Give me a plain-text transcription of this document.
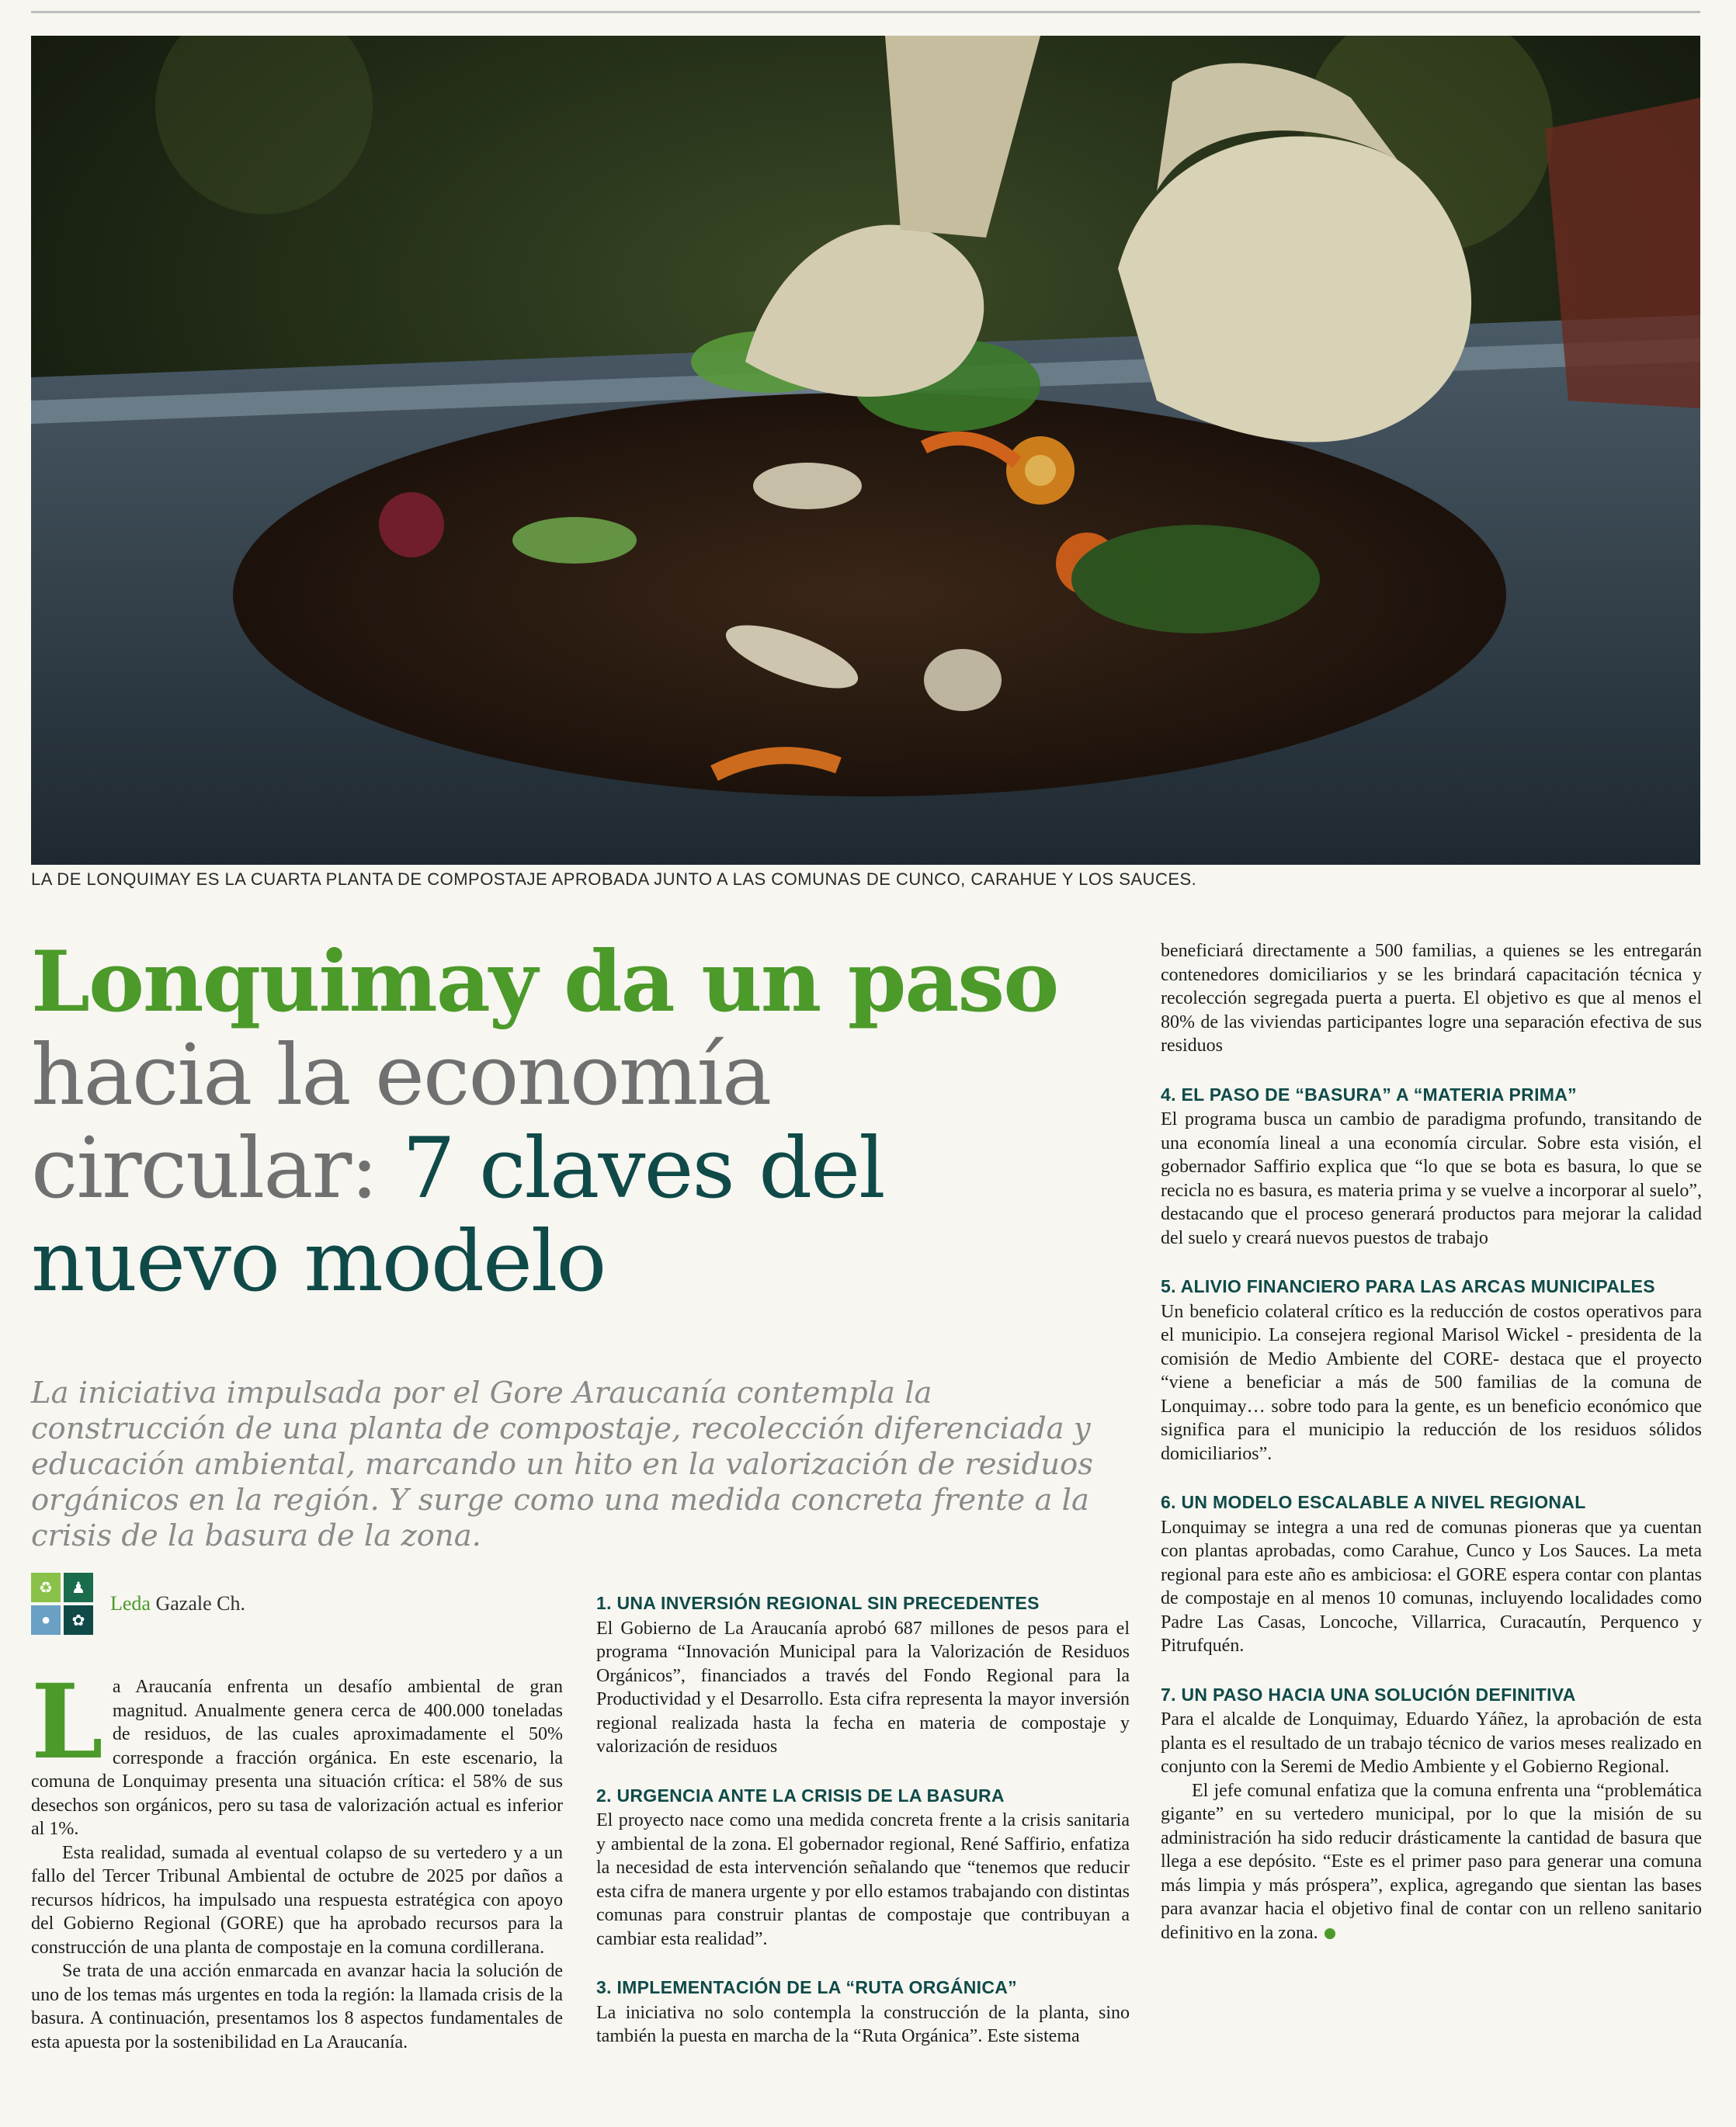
LA DE LONQUIMAY ES LA CUARTA PLANTA DE COMPOSTAJE APROBADA JUNTO A LAS COMUNAS DE CUNCO, CARAHUE Y LOS SAUCES.
Lonquimay da un paso hacia la economía circular: 7 claves del nuevo modelo

La iniciativa impulsada por el Gore Araucanía contempla la construcción de una planta de compostaje, recolección diferenciada y educación ambiental, marcando un hito en la valorización de residuos orgánicos en la región. Y surge como una medida concreta frente a la crisis de la basura de la zona.

♻	♟
●	✿
Leda Gazale Ch.

La Araucanía enfrenta un desafío ambiental de gran magnitud. Anualmente genera cerca de 400.000 toneladas de residuos, de las cuales aproximadamente el 50% corresponde a fracción orgánica. En este escenario, la comuna de Lonquimay presenta una situación crítica: el 58% de sus desechos son orgánicos, pero su tasa de valorización actual es inferior al 1%.

Esta realidad, sumada al eventual colapso de su vertedero y a un fallo del Tercer Tribunal Ambiental de octubre de 2025 por daños a recursos hídricos, ha impulsado una respuesta estratégica con apoyo del Gobierno Regional (GORE) que ha aprobado recursos para la construcción de una planta de compostaje en la comuna cordillerana.

Se trata de una acción enmarcada en avanzar hacia la solución de uno de los temas más urgentes en toda la región: la llamada crisis de la basura. A continuación, presentamos los 8 aspectos fundamentales de esta apuesta por la sostenibilidad en La Araucanía.

1. UNA INVERSIÓN REGIONAL SIN PRECEDENTES

El Gobierno de La Araucanía aprobó 687 millones de pesos para el programa “Innovación Municipal para la Valorización de Residuos Orgánicos”, financiados a través del Fondo Regional para la Productividad y el Desarrollo. Esta cifra representa la mayor inversión regional realizada hasta la fecha en materia de compostaje y valorización de residuos

2. URGENCIA ANTE LA CRISIS DE LA BASURA

El proyecto nace como una medida concreta frente a la crisis sanitaria y ambiental de la zona. El gobernador regional, René Saffirio, enfatiza la necesidad de esta intervención señalando que “tenemos que reducir esta cifra de manera urgente y por ello estamos trabajando con distintas comunas para construir plantas de compostaje que contribuyan a cambiar esta realidad”.

3. IMPLEMENTACIÓN DE LA “RUTA ORGÁNICA”

La iniciativa no solo contempla la construcción de la planta, sino también la puesta en marcha de la “Ruta Orgánica”. Este sistema

beneficiará directamente a 500 familias, a quienes se les entregarán contenedores domiciliarios y se les brindará capacitación técnica y recolección segregada puerta a puerta. El objetivo es que al menos el 80% de las viviendas participantes logre una separación efectiva de sus residuos

4. EL PASO DE “BASURA” A “MATERIA PRIMA”

El programa busca un cambio de paradigma profundo, transitando de una economía lineal a una economía circular. Sobre esta visión, el gobernador Saffirio explica que “lo que se bota es basura, lo que se recicla no es basura, es materia prima y se vuelve a incorporar al suelo”, destacando que el proceso generará productos para mejorar la calidad del suelo y creará nuevos puestos de trabajo

5. ALIVIO FINANCIERO PARA LAS ARCAS MUNICIPALES

Un beneficio colateral crítico es la reducción de costos operativos para el municipio. La consejera regional Marisol Wickel - presidenta de la comisión de Medio Ambiente del CORE- destaca que el proyecto “viene a beneficiar a más de 500 familias de la comuna de Lonquimay… sobre todo para la gente, es un beneficio económico que significa para el municipio la reducción de los residuos sólidos domiciliarios”.

6. UN MODELO ESCALABLE A NIVEL REGIONAL

Lonquimay se integra a una red de comunas pioneras que ya cuentan con plantas aprobadas, como Carahue, Cunco y Los Sauces. La meta regional para este año es ambiciosa: el GORE espera contar con plantas de compostaje en al menos 10 comunas, incluyendo localidades como Padre Las Casas, Loncoche, Villarrica, Curacautín, Perquenco y Pitrufquén.

7. UN PASO HACIA UNA SOLUCIÓN DEFINITIVA

Para el alcalde de Lonquimay, Eduardo Yáñez, la aprobación de esta planta es el resultado de un trabajo técnico de varios meses realizado en conjunto con la Seremi de Medio Ambiente y el Gobierno Regional.

El jefe comunal enfatiza que la comuna enfrenta una “problemática gigante” en su vertedero municipal, por lo que la misión de su administración ha sido reducir drásticamente la cantidad de basura que llega a ese depósito. “Este es el primer paso para generar una comuna más limpia y más próspera”, explica, agregando que sientan las bases para avanzar hacia el objetivo final de contar con un relleno sanitario definitivo en la zona.
